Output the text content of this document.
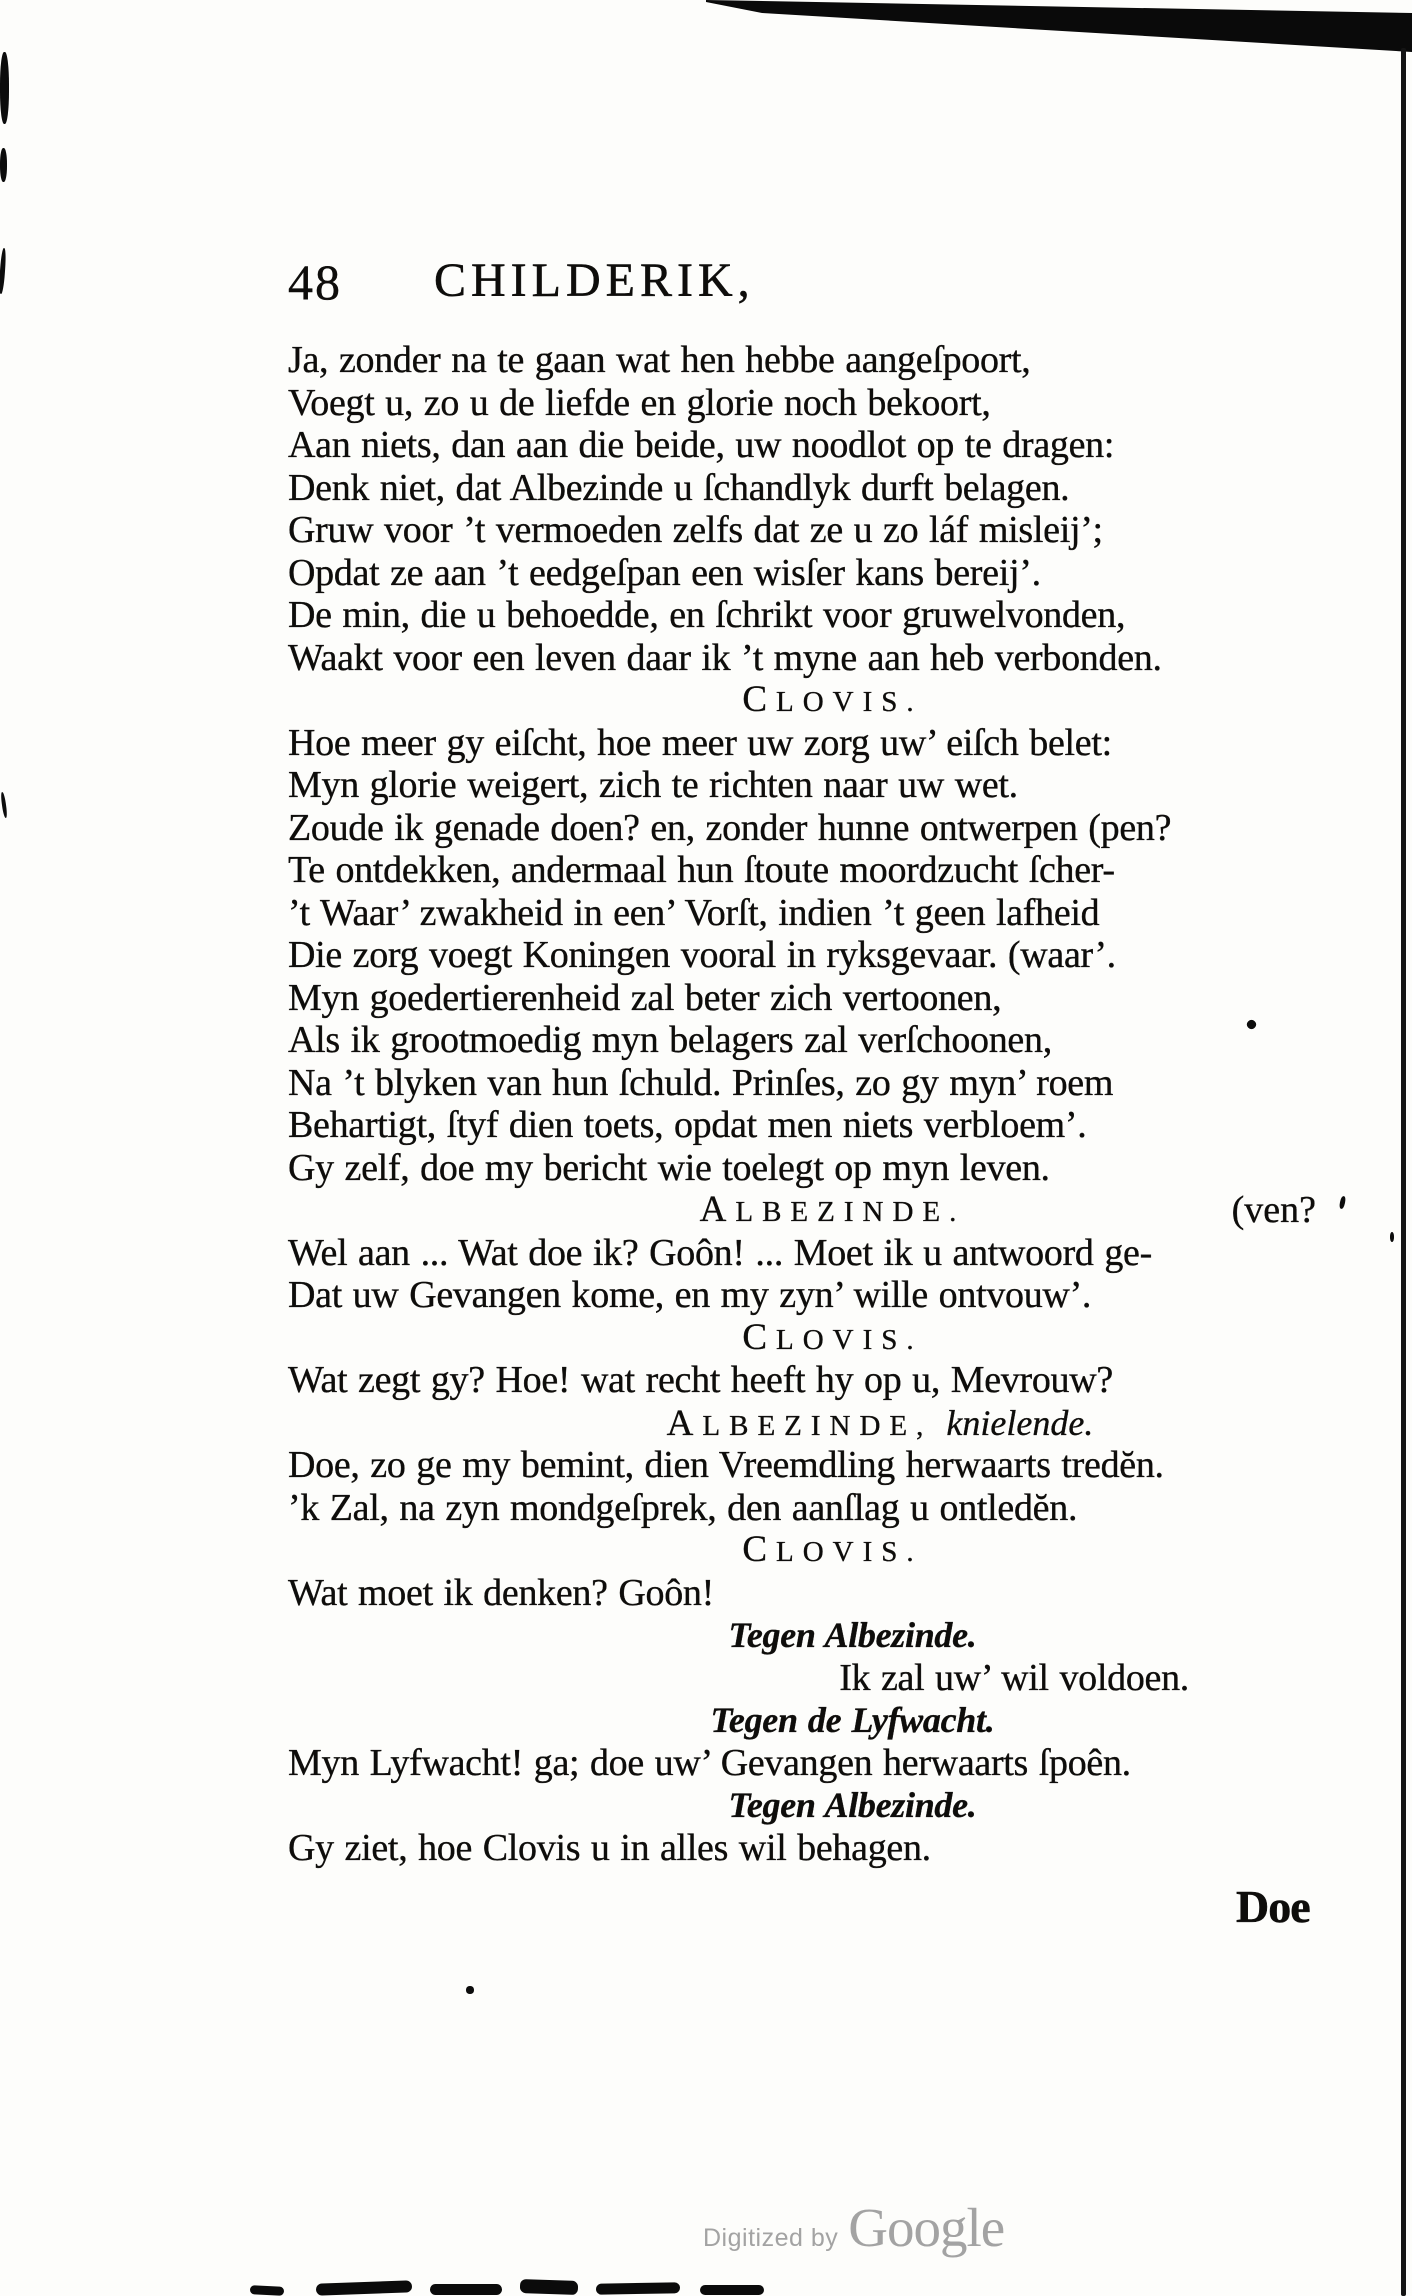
48 CHILDERIK,
Ja, zonder na te gaan wat hen hebbe aangeſpoort,
Voegt u, zo u de liefde en glorie noch bekoort,
Aan niets, dan aan die beide, uw noodlot op te dragen:
Denk niet, dat Albezinde u ſchandlyk durft belagen.
Gruw voor ’t vermoeden zelfs dat ze u zo láf misleij’;
Opdat ze aan ’t eedgeſpan een wisſer kans bereij’.
De min, die u behoedde, en ſchrikt voor gruwelvonden,
Waakt voor een leven daar ik ’t myne aan heb verbonden.
CLOVIS.
Hoe meer gy eiſcht, hoe meer uw zorg uw’ eiſch belet:
Myn glorie weigert, zich te richten naar uw wet.
Zoude ik genade doen? en, zonder hunne ontwerpen (pen?
Te ontdekken, andermaal hun ſtoute moordzucht ſcher-
’t Waar’ zwakheid in een’ Vorſt, indien ’t geen lafheid
Die zorg voegt Koningen vooral in ryksgevaar. (waar’.
Myn goedertierenheid zal beter zich vertoonen,
Als ik grootmoedig myn belagers zal verſchoonen,
Na ’t blyken van hun ſchuld. Prinſes, zo gy myn’ roem
Behartigt, ſtyf dien toets, opdat men niets verbloem’.
Gy zelf, doe my bericht wie toelegt op myn leven.
ALBEZINDE.	(ven?
Wel aan ... Wat doe ik? Goôn! ... Moet ik u antwoord ge-
Dat uw Gevangen kome, en my zyn’ wille ontvouw’.
CLOVIS.
Wat zegt gy? Hoe! wat recht heeft hy op u, Mevrouw?
ALBEZINDE, knielende.
Doe, zo ge my bemint, dien Vreemdling herwaarts tredĕn.
’k Zal, na zyn mondgeſprek, den aanſlag u ontledĕn.
CLOVIS.
Wat moet ik denken? Goôn!
Tegen Albezinde.
Ik zal uw’ wil voldoen.
Tegen de Lyfwacht.
Myn Lyfwacht! ga; doe uw’ Gevangen herwaarts ſpoên.
Tegen Albezinde.
Gy ziet, hoe Clovis u in alles wil behagen.
Doe
Digitized by Google
